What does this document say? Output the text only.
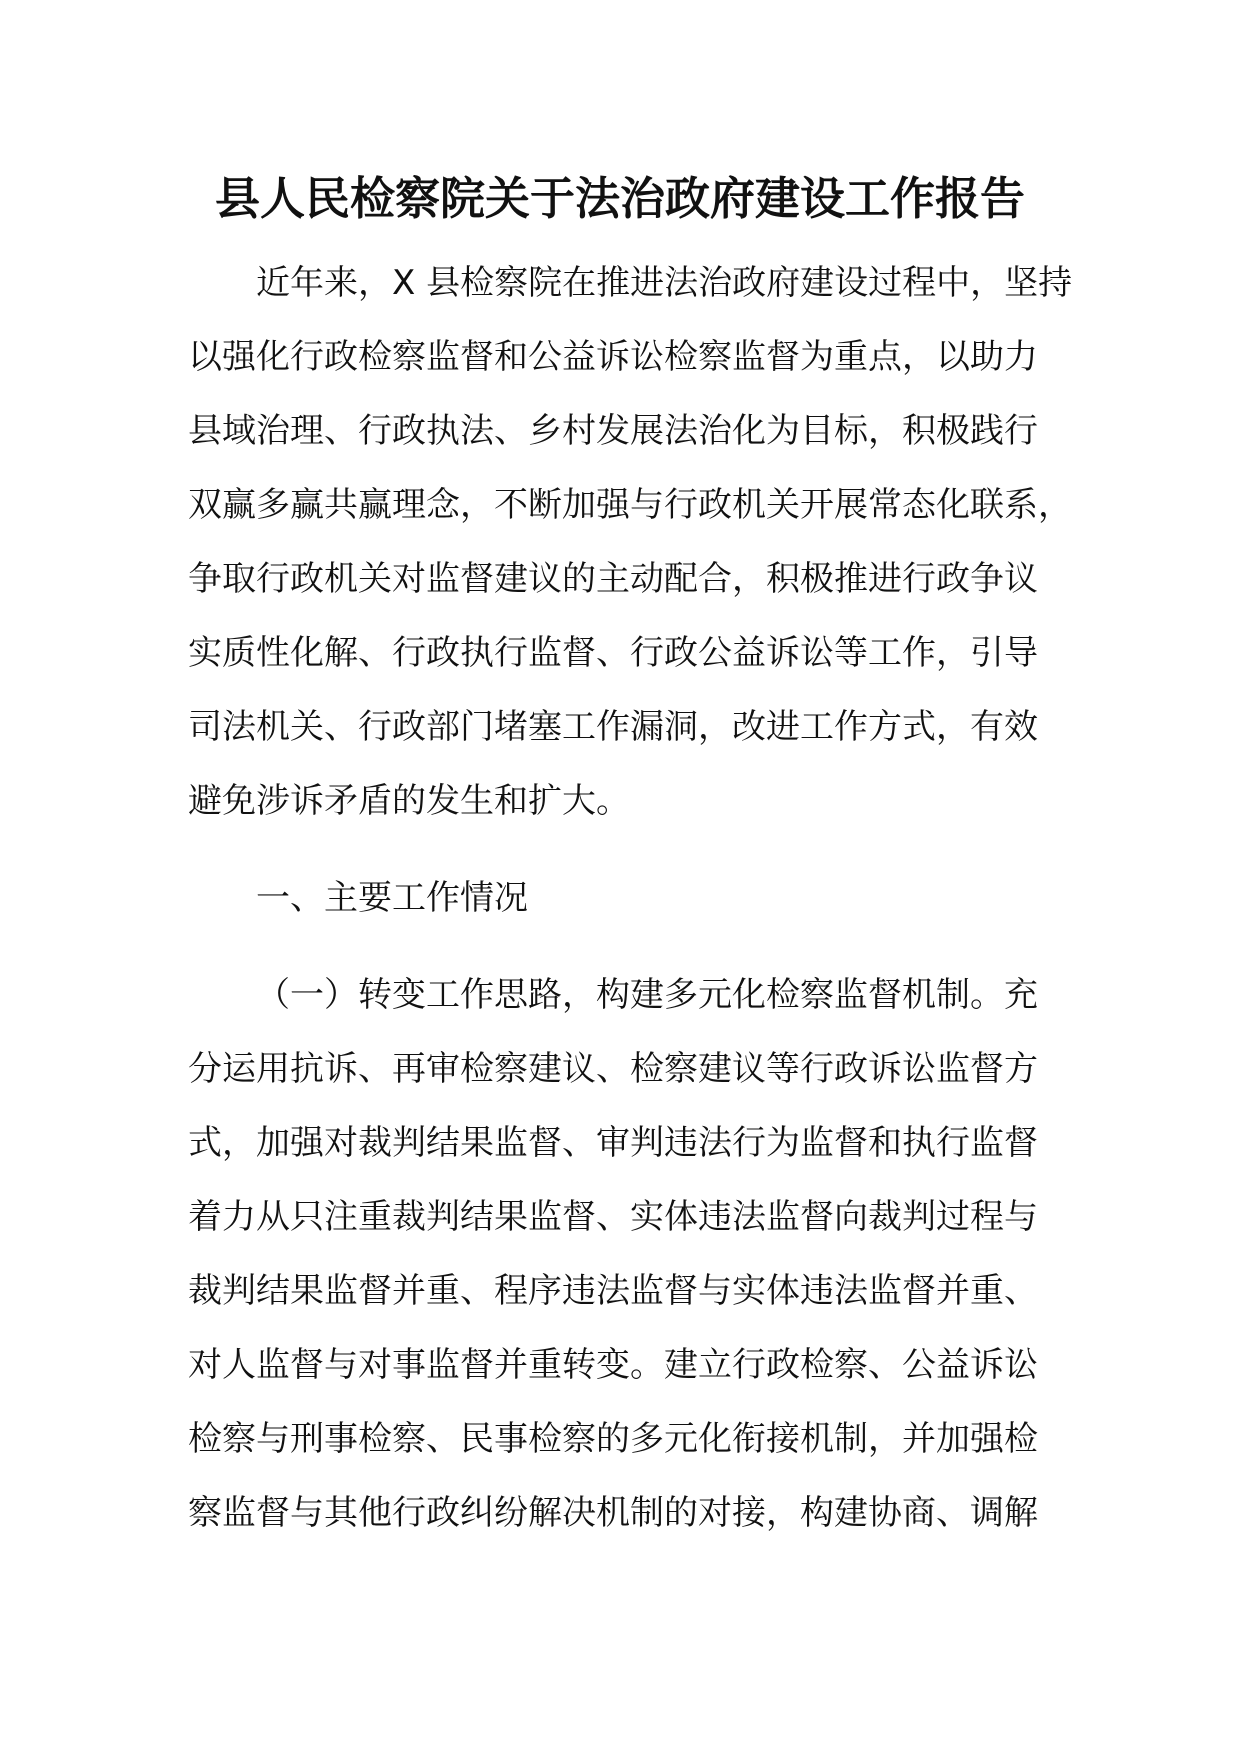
县人民检察院关于法治政府建设工作报告
近年来，X 县检察院在推进法治政府建设过程中，坚持
以强化行政检察监督和公益诉讼检察监督为重点，以助力
县域治理、行政执法、乡村发展法治化为目标，积极践行
双赢多赢共赢理念，不断加强与行政机关开展常态化联系，
争取行政机关对监督建议的主动配合，积极推进行政争议
实质性化解、行政执行监督、行政公益诉讼等工作，引导
司法机关、行政部门堵塞工作漏洞，改进工作方式，有效
避免涉诉矛盾的发生和扩大。
一、主要工作情况
（一）转变工作思路，构建多元化检察监督机制。充
分运用抗诉、再审检察建议、检察建议等行政诉讼监督方
式，加强对裁判结果监督、审判违法行为监督和执行监督
着力从只注重裁判结果监督、实体违法监督向裁判过程与
裁判结果监督并重、程序违法监督与实体违法监督并重、
对人监督与对事监督并重转变。建立行政检察、公益诉讼
检察与刑事检察、民事检察的多元化衔接机制，并加强检
察监督与其他行政纠纷解决机制的对接，构建协商、调解
